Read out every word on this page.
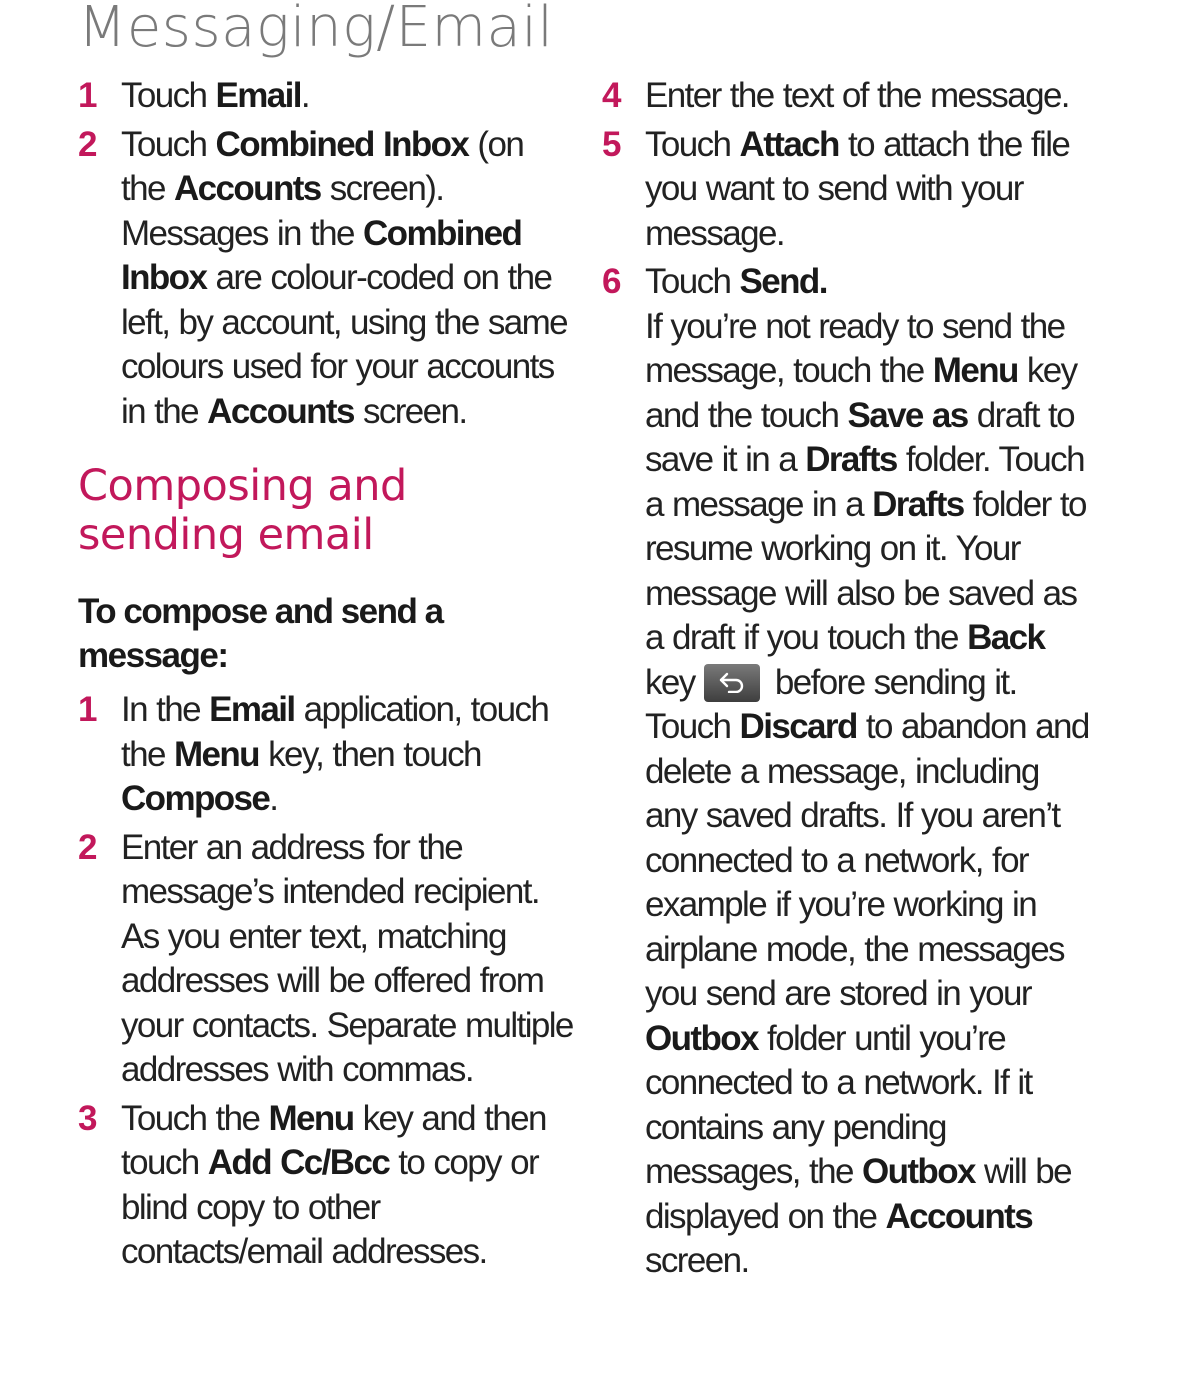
Messaging/Email
1 Touch Email.
2 Touch Combined Inbox (on the Accounts screen). Messages in the Combined Inbox are colour-coded on the left, by account, using the same colours used for your accounts in the Accounts screen.
Composing and sending email
To compose and send a message:
1 In the Email application, touch the Menu key, then touch Compose.
2 Enter an address for the message’s intended recipient. As you enter text, matching addresses will be offered from your contacts. Separate multiple addresses with commas.
3 Touch the Menu key and then touch Add Cc/Bcc to copy or blind copy to other contacts/email addresses.
4 Enter the text of the message.
5 Touch Attach to attach the file you want to send with your message.
6 Touch Send.
If you’re not ready to send the message, touch the Menu key and the touch Save as draft to save it in a Drafts folder. Touch a message in a Drafts folder to resume working on it. Your message will also be saved as a draft if you touch the Back key
before sending it. Touch Discard to abandon and delete a message, including any saved drafts. If you aren’t connected to a network, for example if you’re working in airplane mode, the messages you send are stored in your Outbox folder until you’re connected to a network. If it contains any pending messages, the Outbox will be displayed on the Accounts screen.
